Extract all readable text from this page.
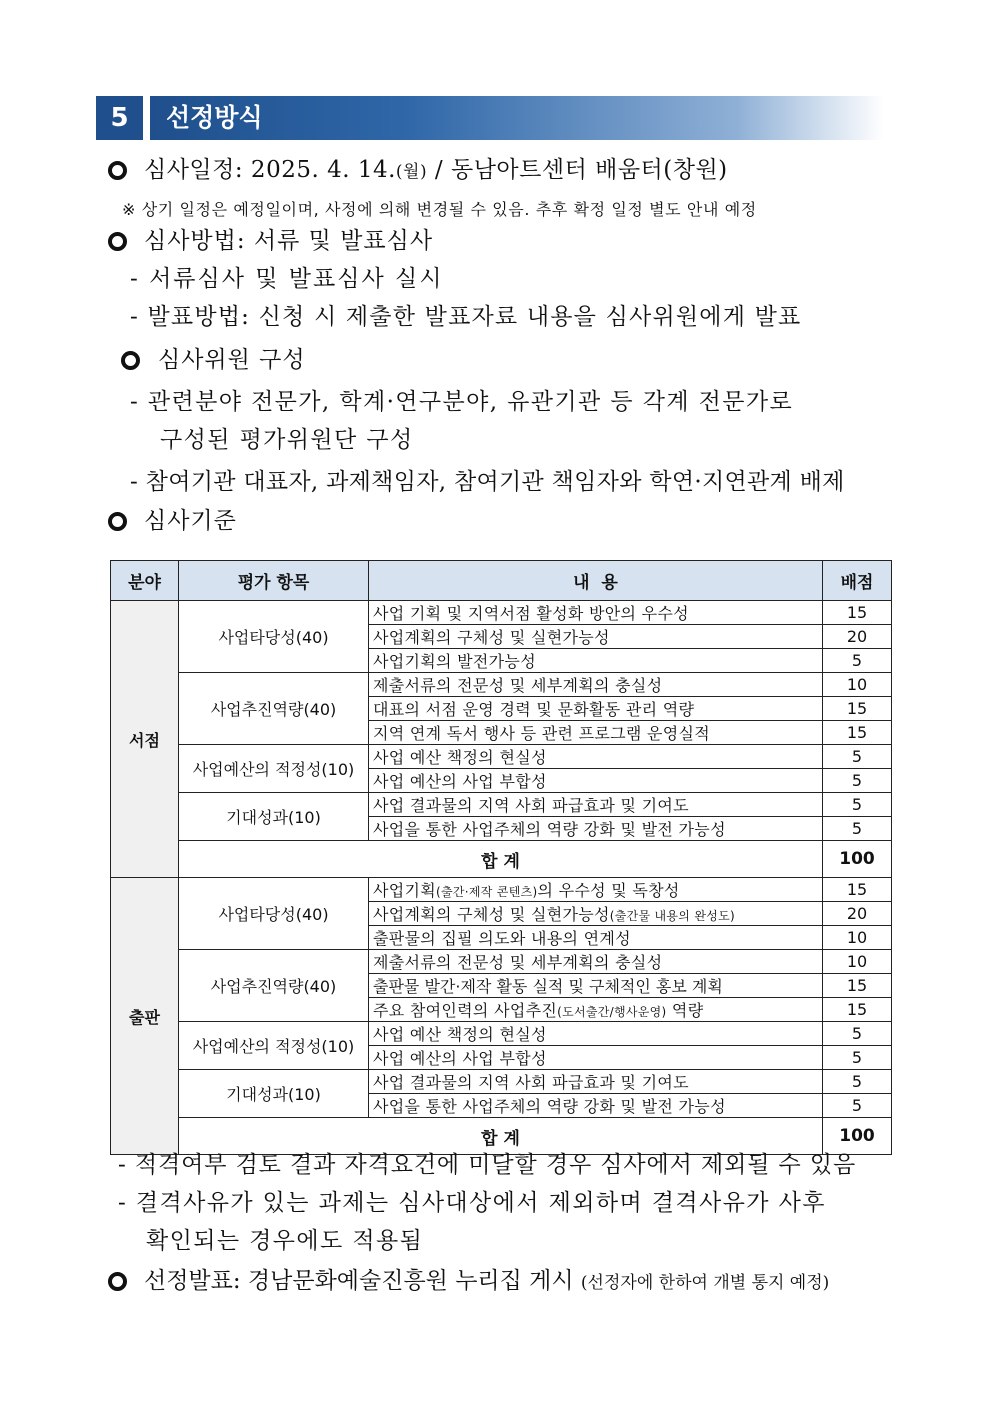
5	선정방식
심사일정: 2025. 4. 14.(월) / 동남아트센터 배움터(창원)
※ 상기 일정은 예정일이며, 사정에 의해 변경될 수 있음. 추후 확정 일정 별도 안내 예정
심사방법: 서류 및 발표심사
- 서류심사 및 발표심사 실시
- 발표방법: 신청 시 제출한 발표자료 내용을 심사위원에게 발표
심사위원 구성
- 관련분야 전문가, 학계·연구분야, 유관기관 등 각계 전문가로
구성된 평가위원단 구성
- 참여기관 대표자, 과제책임자, 참여기관 책임자와 학연·지연관계 배제
심사기준
분야	평가 항목	내  용	배점
서점	사업타당성(40)	사업 기획 및 지역서점 활성화 방안의 우수성	15
		사업계획의 구체성 및 실현가능성	20
		사업기획의 발전가능성	5
	사업추진역량(40)	제출서류의 전문성 및 세부계획의 충실성	10
		대표의 서점 운영 경력 및 문화활동 관리 역량	15
		지역 연계 독서 행사 등 관련 프로그램 운영실적	15
	사업예산의 적정성(10)	사업 예산 책정의 현실성	5
		사업 예산의 사업 부합성	5
	기대성과(10)	사업 결과물의 지역 사회 파급효과 및 기여도	5
		사업을 통한 사업주체의 역량 강화 및 발전 가능성	5
	합 계		100
출판	사업타당성(40)	사업기획(출간·제작 콘텐츠)의 우수성 및 독창성	15
		사업계획의 구체성 및 실현가능성(출간물 내용의 완성도)	20
		출판물의 집필 의도와 내용의 연계성	10
	사업추진역량(40)	제출서류의 전문성 및 세부계획의 충실성	10
		출판물 발간·제작 활동 실적 및 구체적인 홍보 계획	15
		주요 참여인력의 사업추진(도서출간/행사운영) 역량	15
	사업예산의 적정성(10)	사업 예산 책정의 현실성	5
		사업 예산의 사업 부합성	5
	기대성과(10)	사업 결과물의 지역 사회 파급효과 및 기여도	5
		사업을 통한 사업주체의 역량 강화 및 발전 가능성	5
	합 계		100
- 적격여부 검토 결과 자격요건에 미달할 경우 심사에서 제외될 수 있음
- 결격사유가 있는 과제는 심사대상에서 제외하며 결격사유가 사후
확인되는 경우에도 적용됨
선정발표: 경남문화예술진흥원 누리집 게시 (선정자에 한하여 개별 통지 예정)
